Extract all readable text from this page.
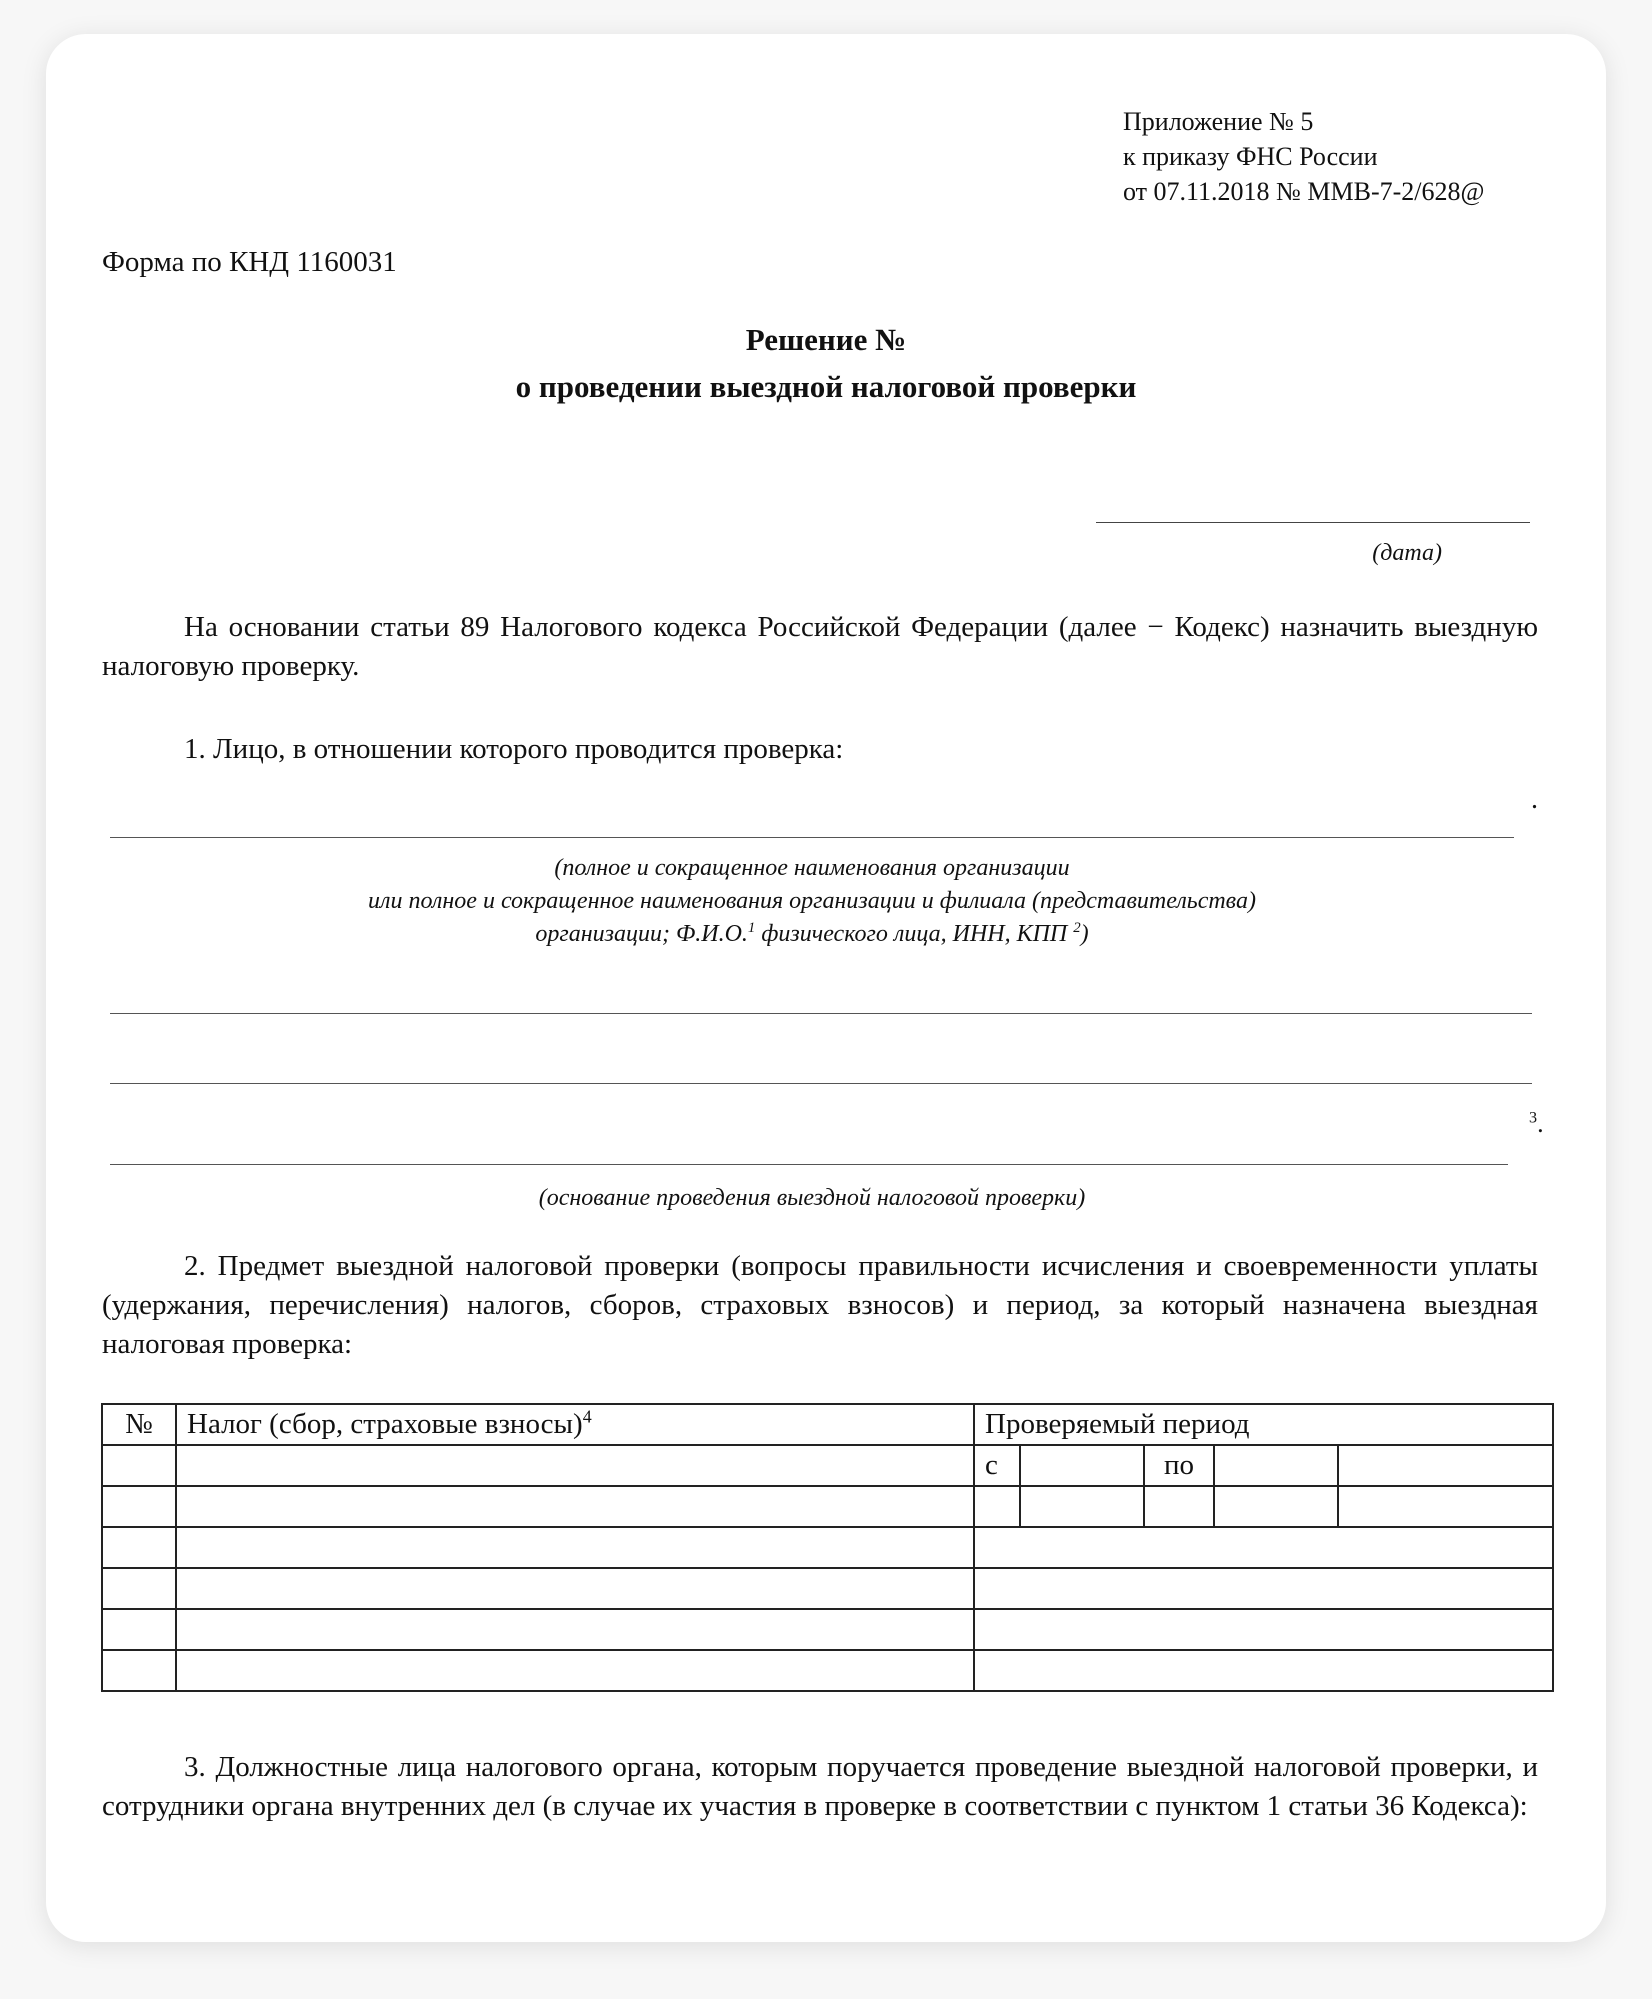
Приложение № 5
к приказу ФНС России
от 07.11.2018 № ММВ-7-2/628@
Форма по КНД 1160031
Решение №
о проведении выездной налоговой проверки
(дата)
На основании статьи 89 Налогового кодекса Российской Федерации (далее − Кодекс) назначить выездную налоговую проверку.
1. Лицо, в отношении которого проводится проверка:
.
(полное и сокращенное наименования организации
или полное и сокращенное наименования организации и филиала (представительства)
организации; Ф.И.О.$^1$ физического лица, ИНН, КПП $^2$)
$^3$.
(основание проведения выездной налоговой проверки)
2. Предмет выездной налоговой проверки (вопросы правильности исчисления и своевременности уплаты (удержания, перечисления) налогов, сборов, страховых взносов) и период, за который назначена выездная налоговая проверка:
№	Налог (сбор, страховые взносы)$^4$	Проверяемый период				
		с		по		

3. Должностные лица налогового органа, которым поручается проведение выездной налоговой проверки, и сотрудники органа внутренних дел (в случае их участия в проверке в соответствии с пунктом 1 статьи 36 Кодекса):
